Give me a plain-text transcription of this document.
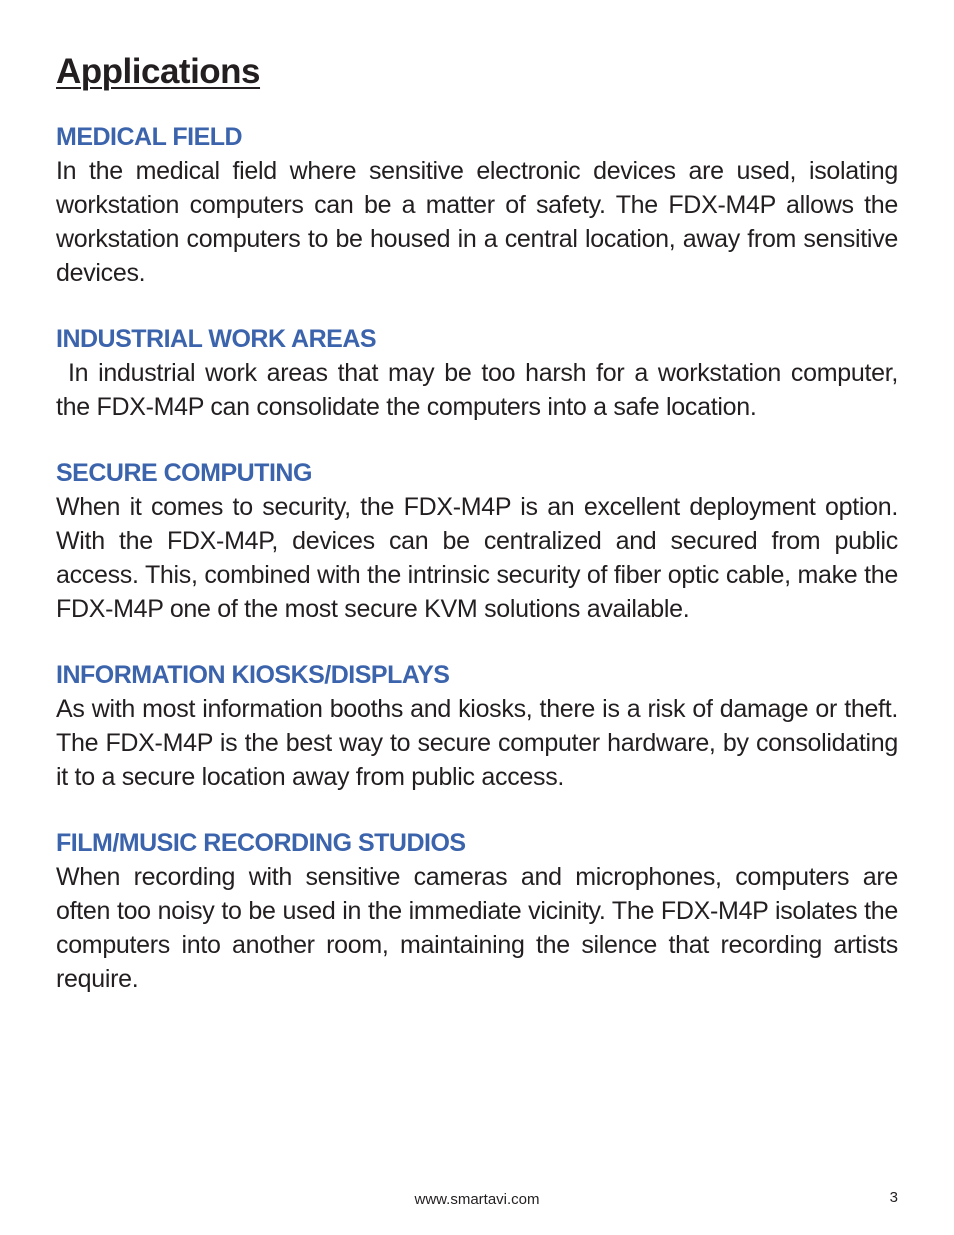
Applications
MEDICAL FIELD

In the medical field where sensitive electronic devices are used, isolating workstation computers can be a matter of safety. The FDX-M4P allows the workstation computers to be housed in a central location, away from sensitive devices.

INDUSTRIAL WORK AREAS

In industrial work areas that may be too harsh for a workstation computer, the FDX-M4P can consolidate the computers into a safe location.

SECURE COMPUTING

When it comes to security, the FDX-M4P is an excellent deployment option. With the FDX-M4P, devices can be centralized and secured from public access. This, combined with the intrinsic security of fiber optic cable, make the FDX-M4P one of the most secure KVM solutions available.

INFORMATION KIOSKS/DISPLAYS

As with most information booths and kiosks, there is a risk of damage or theft. The FDX-M4P is the best way to secure computer hardware, by consolidating it to a secure location away from public access.

FILM/MUSIC RECORDING STUDIOS

When recording with sensitive cameras and microphones, computers are often too noisy to be used in the immediate vicinity. The FDX-M4P isolates the computers into another room, maintaining the silence that recording artists require.

www.smartavi.com	3
